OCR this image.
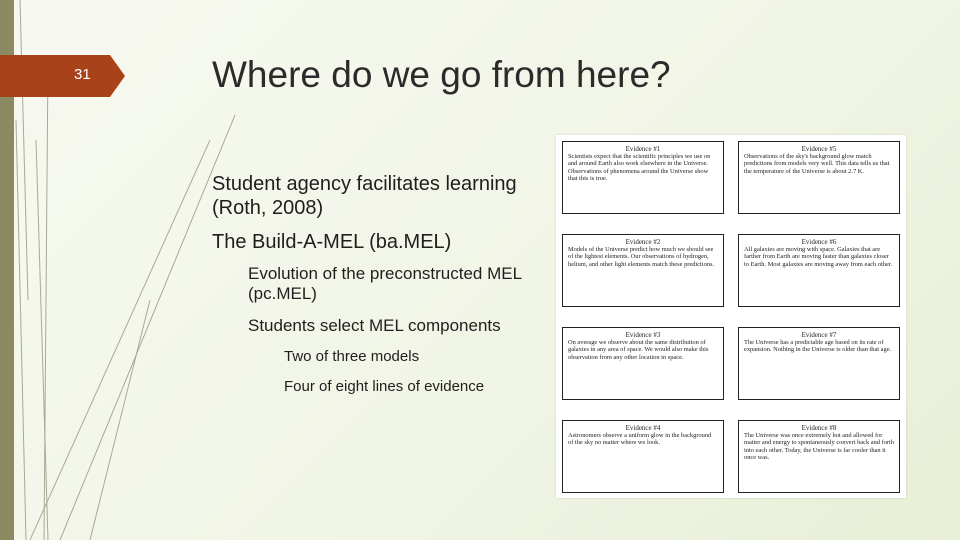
31	Where do we go from here?
Student agency facilitates learning (Roth, 2008)
The Build-A-MEL (ba.MEL)
Evolution of the preconstructed MEL (pc.MEL)
Students select MEL components
Two of three models
Four of eight lines of evidence
Evidence #1
Scientists expect that the scientific principles we use on and around Earth also work elsewhere in the Universe. Observations of phenomena around the Universe show that this is true.
Evidence #2
Models of the Universe predict how much we should see of the lightest elements. Our observations of hydrogen, helium, and other light elements match these predictions.
Evidence #3
On average we observe about the same distribution of galaxies in any area of space. We would also make this observation from any other location in space.
Evidence #4
Astronomers observe a uniform glow in the background of the sky no matter where we look.
Evidence #5
Observations of the sky's background glow match predictions from models very well. This data tells us that the temperature of the Universe is about 2.7 K.
Evidence #6
All galaxies are moving with space. Galaxies that are farther from Earth are moving faster than galaxies closer to Earth. Most galaxies are moving away from each other.
Evidence #7
The Universe has a predictable age based on its rate of expansion. Nothing in the Universe is older than that age.
Evidence #8
The Universe was once extremely hot and allowed for matter and energy to spontaneously convert back and forth into each other. Today, the Universe is far cooler than it once was.
